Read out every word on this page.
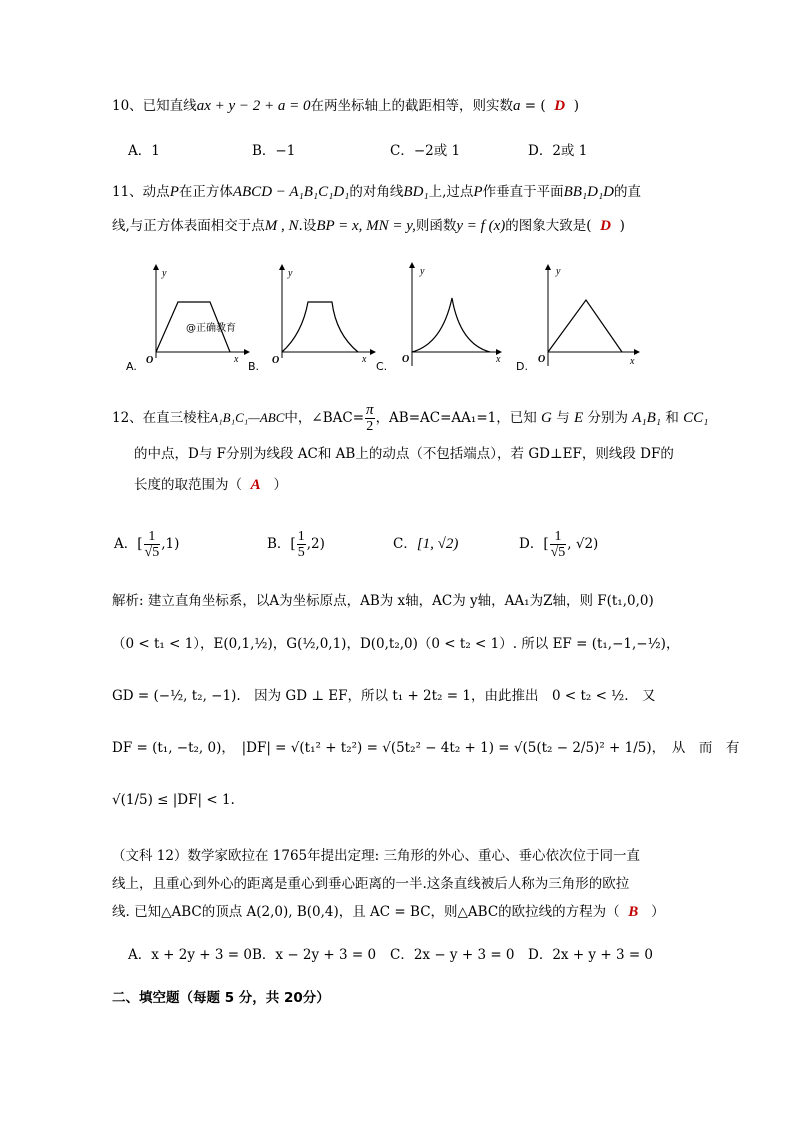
10、已知直线ax + y − 2 + a = 0在两坐标轴上的截距相等，则实数a = ( D )
A．1	B．−1	C．−2或 1	D．2或 1
11、动点P在正方体ABCD − A₁B₁C₁D₁的对角线BD₁上,过点P作垂直于平面BB₁D₁D的直
线,与正方体表面相交于点M , N.设BP = x, MN = y,则函数y = f (x)的图象大致是( D )
y
x
O
@正确教育
A.
y
x
O
B.
y
x
O
C.
y
x
O
D.
12、在直三棱柱A₁B₁C₁—ABC中，∠BAC= $\frac{\pi}{2}$ ，AB=AC=AA₁=1，已知 G 与 E 分别为 A₁B₁ 和 CC₁
的中点，D与 F分别为线段 AC和 AB上的动点（不包括端点），若 GD⊥EF，则线段 DF的
长度的取范围为（ A ）
A．[ $\frac{1}{√5} ,1$)	B．[ $\frac{1}{5} ,2$)	C．[1, √2)	D．[ $\frac{1}{√5}$ , √2)
解析: 建立直角坐标系，以A为坐标原点，AB为 x轴，AC为 y轴，AA₁为Z轴，则 F(t₁,0,0)
（0 < t₁ < 1），E(0,1,½)，G(½,0,1)，D(0,t₂,0)（0 < t₂ < 1）. 所以 EF = (t₁,−1,−½)，
GD = (−½, t₂, −1).　因为 GD ⊥ EF，所以 t₁ + 2t₂ = 1，由此推出　0 < t₂ < ½.　又
DF = (t₁, −t₂, 0)，　|DF| = √(t₁² + t₂²) = √(5t₂² − 4t₂ + 1) = √(5(t₂ − 2/5)² + 1/5)，　从　而　有
√(1/5) ≤ |DF| < 1.
（文科 12）数学家欧拉在 1765年提出定理: 三角形的外心、重心、垂心依次位于同一直
线上，且重心到外心的距离是重心到垂心距离的一半.这条直线被后人称为三角形的欧拉
线. 已知△ABC的顶点 A(2,0), B(0,4)，且 AC = BC，则△ABC的欧拉线的方程为（ B ）
A．x + 2y + 3 = 0 B．x − 2y + 3 = 0 C．2x − y + 3 = 0 D．2x + y + 3 = 0
二、填空题（每题 5 分，共 20分）
